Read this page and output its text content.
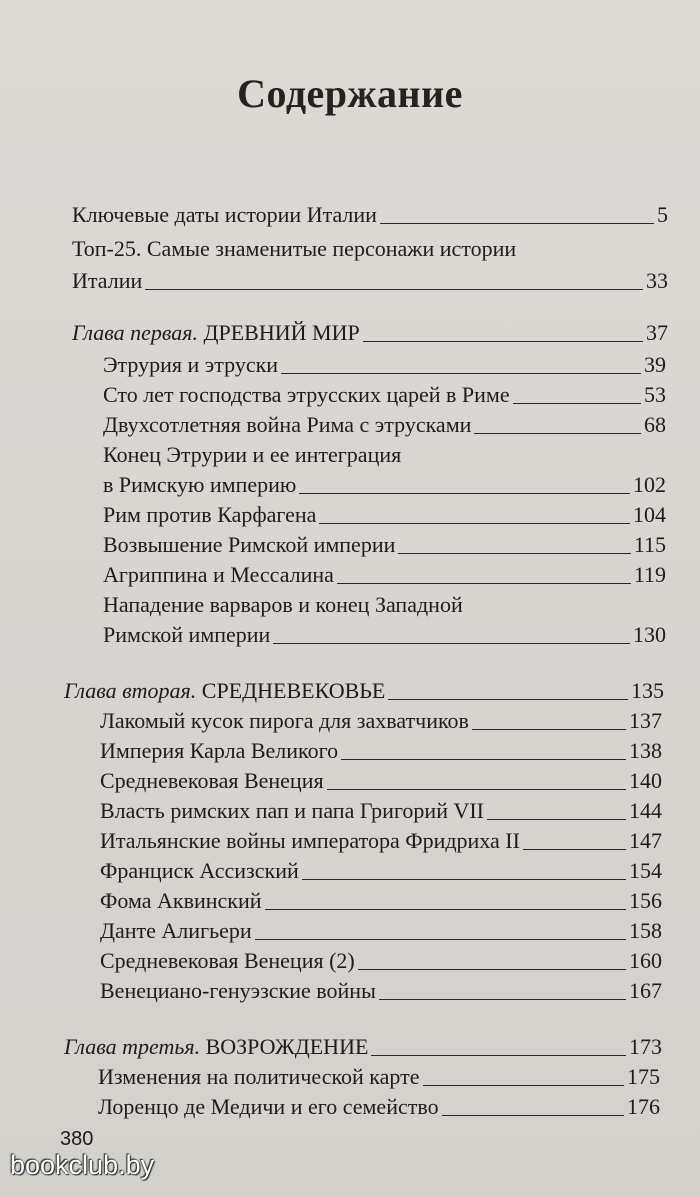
Содержание
Ключевые даты истории Италии	5
Топ-25. Самые знаменитые персонажи истории
Италии	33
Глава первая. ДРЕВНИЙ МИР	37
Этрурия и этруски	39
Сто лет господства этрусских царей в Риме	53
Двухсотлетняя война Рима с этрусками	68
Конец Этрурии и ее интеграция
в Римскую империю	102
Рим против Карфагена	104
Возвышение Римской империи	115
Агриппина и Мессалина	119
Нападение варваров и конец Западной
Римской империи	130
Глава вторая. СРЕДНЕВЕКОВЬЕ	135
Лакомый кусок пирога для захватчиков	137
Империя Карла Великого	138
Средневековая Венеция	140
Власть римских пап и папа Григорий VII	144
Итальянские войны императора Фридриха II	147
Франциск Ассизский	154
Фома Аквинский	156
Данте Алигьери	158
Средневековая Венеция (2)	160
Венециано-генуэзские войны	167
Глава третья. ВОЗРОЖДЕНИЕ	173
Изменения на политической карте	175
Лоренцо де Медичи и его семейство	176
380
bookclub.by
